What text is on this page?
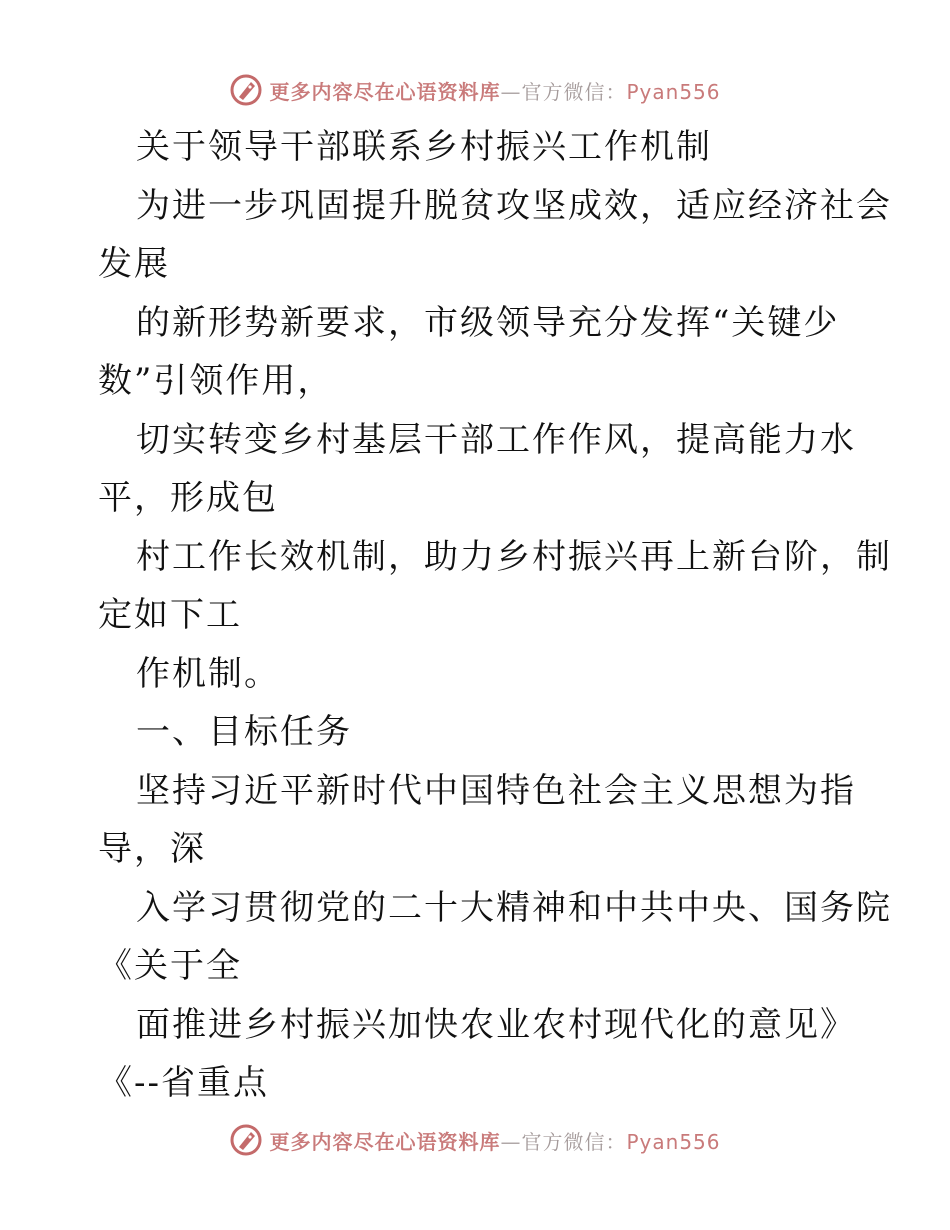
更多内容尽在心语资料库—官方微信：Pyan556
关于领导干部联系乡村振兴工作机制
为进一步巩固提升脱贫攻坚成效，适应经济社会
发展
的新形势新要求，市级领导充分发挥“关键少
数”引领作用，
切实转变乡村基层干部工作作风，提高能力水
平，形成包
村工作长效机制，助力乡村振兴再上新台阶，制
定如下工
作机制。
一、目标任务
坚持习近平新时代中国特色社会主义思想为指
导，深
入学习贯彻党的二十大精神和中共中央、国务院
《关于全
面推进乡村振兴加快农业农村现代化的意见》
《--省重点
更多内容尽在心语资料库—官方微信：Pyan556
